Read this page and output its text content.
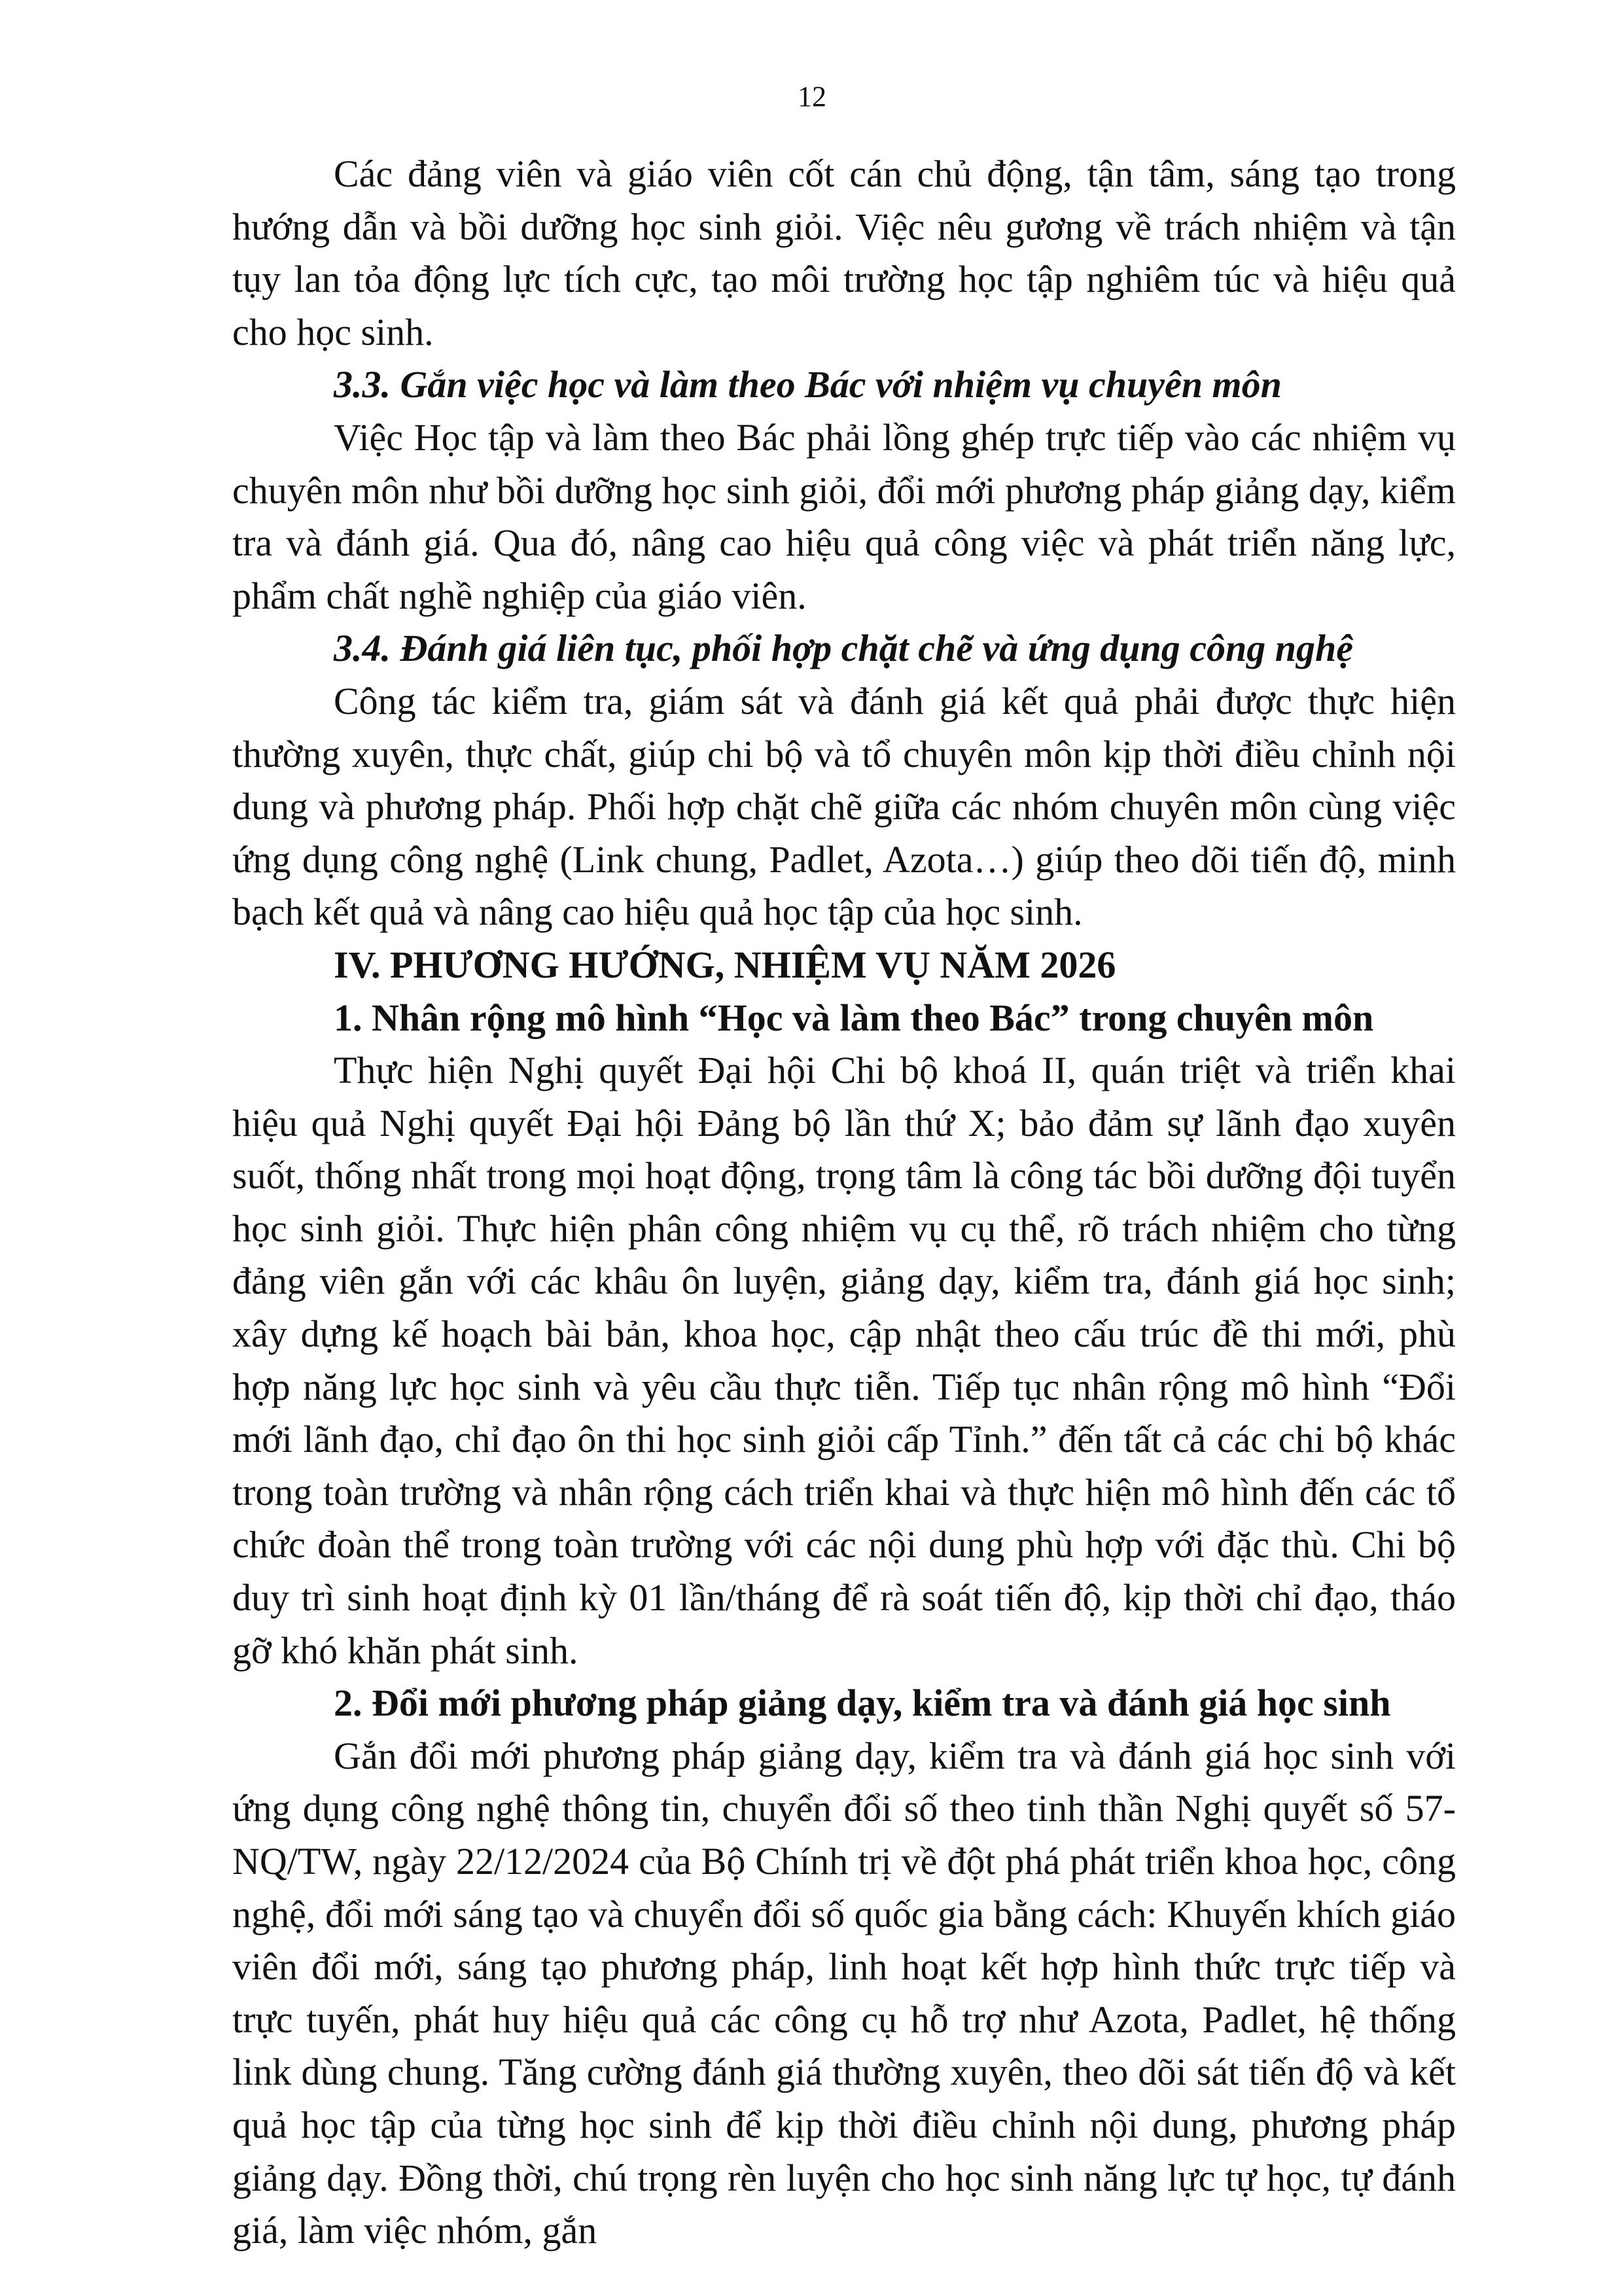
12

Các đảng viên và giáo viên cốt cán chủ động, tận tâm, sáng tạo trong hướng dẫn và bồi dưỡng học sinh giỏi. Việc nêu gương về trách nhiệm và tận tụy lan tỏa động lực tích cực, tạo môi trường học tập nghiêm túc và hiệu quả cho học sinh.

3.3. Gắn việc học và làm theo Bác với nhiệm vụ chuyên môn

Việc Học tập và làm theo Bác phải lồng ghép trực tiếp vào các nhiệm vụ chuyên môn như bồi dưỡng học sinh giỏi, đổi mới phương pháp giảng dạy, kiểm tra và đánh giá. Qua đó, nâng cao hiệu quả công việc và phát triển năng lực, phẩm chất nghề nghiệp của giáo viên.

3.4. Đánh giá liên tục, phối hợp chặt chẽ và ứng dụng công nghệ

Công tác kiểm tra, giám sát và đánh giá kết quả phải được thực hiện thường xuyên, thực chất, giúp chi bộ và tổ chuyên môn kịp thời điều chỉnh nội dung và phương pháp. Phối hợp chặt chẽ giữa các nhóm chuyên môn cùng việc ứng dụng công nghệ (Link chung, Padlet, Azota…) giúp theo dõi tiến độ, minh bạch kết quả và nâng cao hiệu quả học tập của học sinh.

IV. PHƯƠNG HƯỚNG, NHIỆM VỤ NĂM 2026

1. Nhân rộng mô hình “Học và làm theo Bác” trong chuyên môn

Thực hiện Nghị quyết Đại hội Chi bộ khoá II, quán triệt và triển khai hiệu quả Nghị quyết Đại hội Đảng bộ lần thứ X; bảo đảm sự lãnh đạo xuyên suốt, thống nhất trong mọi hoạt động, trọng tâm là công tác bồi dưỡng đội tuyển học sinh giỏi. Thực hiện phân công nhiệm vụ cụ thể, rõ trách nhiệm cho từng đảng viên gắn với các khâu ôn luyện, giảng dạy, kiểm tra, đánh giá học sinh; xây dựng kế hoạch bài bản, khoa học, cập nhật theo cấu trúc đề thi mới, phù hợp năng lực học sinh và yêu cầu thực tiễn. Tiếp tục nhân rộng mô hình “Đổi mới lãnh đạo, chỉ đạo ôn thi học sinh giỏi cấp Tỉnh.” đến tất cả các chi bộ khác trong toàn trường và nhân rộng cách triển khai và thực hiện mô hình đến các tổ chức đoàn thể trong toàn trường với các nội dung phù hợp với đặc thù. Chi bộ duy trì sinh hoạt định kỳ 01 lần/tháng để rà soát tiến độ, kịp thời chỉ đạo, tháo gỡ khó khăn phát sinh.

2. Đổi mới phương pháp giảng dạy, kiểm tra và đánh giá học sinh

Gắn đổi mới phương pháp giảng dạy, kiểm tra và đánh giá học sinh với ứng dụng công nghệ thông tin, chuyển đổi số theo tinh thần Nghị quyết số 57-NQ/TW, ngày 22/12/2024 của Bộ Chính trị về đột phá phát triển khoa học, công nghệ, đổi mới sáng tạo và chuyển đổi số quốc gia bằng cách: Khuyến khích giáo viên đổi mới, sáng tạo phương pháp, linh hoạt kết hợp hình thức trực tiếp và trực tuyến, phát huy hiệu quả các công cụ hỗ trợ như Azota, Padlet, hệ thống link dùng chung. Tăng cường đánh giá thường xuyên, theo dõi sát tiến độ và kết quả học tập của từng học sinh để kịp thời điều chỉnh nội dung, phương pháp giảng dạy. Đồng thời, chú trọng rèn luyện cho học sinh năng lực tự học, tự đánh giá, làm việc nhóm, gắn
